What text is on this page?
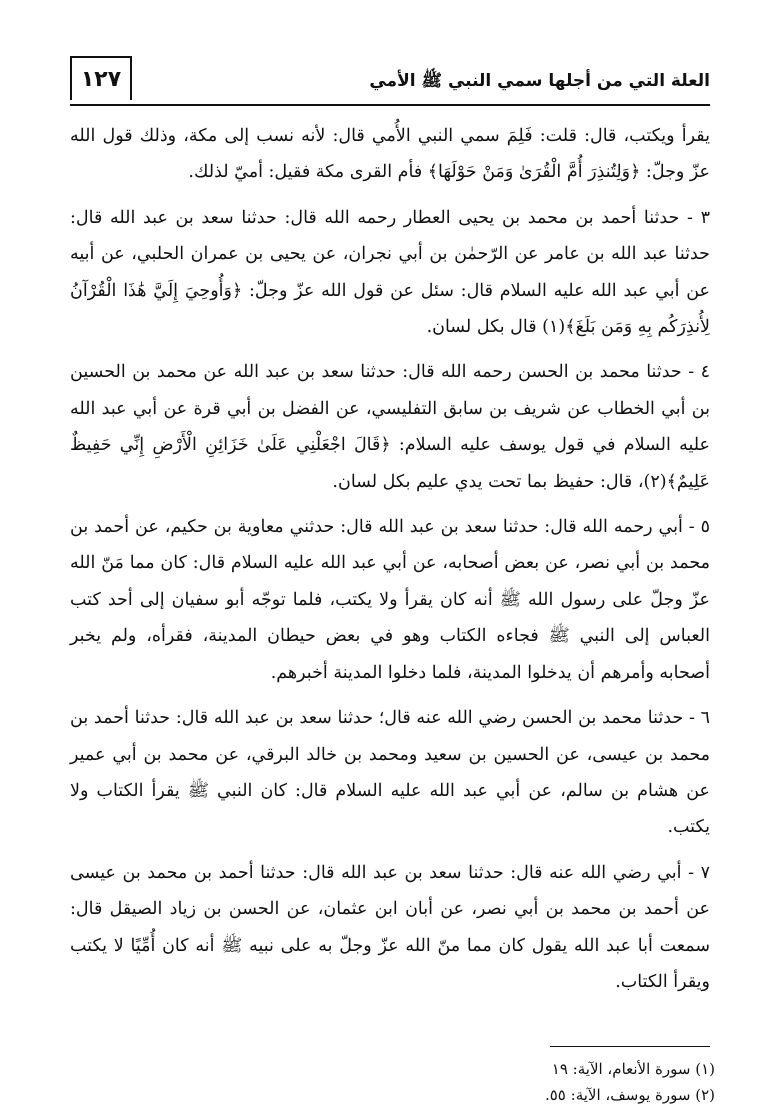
العلة التي من أجلها سمي النبي ﷺ الأمي
١٢٧

يقرأ ويكتب، قال: قلت: فَلِمَ سمي النبي الأُمي قال: لأنه نسب إلى مكة، وذلك قول الله عزّ وجلّ: ﴿وَلِتُنذِرَ أُمَّ الْقُرَىٰ وَمَنْ حَوْلَهَا﴾ فأم القرى مكة فقيل: أميّ لذلك.

٣ - حدثنا أحمد بن محمد بن يحيى العطار رحمه الله قال: حدثنا سعد بن عبد الله قال: حدثنا عبد الله بن عامر عن الرّحمٰن بن أبي نجران، عن يحيى بن عمران الحلبي، عن أبيه عن أبي عبد الله عليه السلام قال: سئل عن قول الله عزّ وجلّ: ﴿وَأُوحِيَ إِلَيَّ هَٰذَا الْقُرْآنُ لِأُنذِرَكُم بِهِ وَمَن بَلَغَ﴾(١) قال بكل لسان.

٤ - حدثنا محمد بن الحسن رحمه الله قال: حدثنا سعد بن عبد الله عن محمد بن الحسين بن أبي الخطاب عن شريف بن سابق التفليسي، عن الفضل بن أبي قرة عن أبي عبد الله عليه السلام في قول يوسف عليه السلام: ﴿قَالَ اجْعَلْنِي عَلَىٰ خَزَائِنِ الْأَرْضِ إِنِّي حَفِيظٌ عَلِيمٌ﴾(٢)، قال: حفيظ بما تحت يدي عليم بكل لسان.

٥ - أبي رحمه الله قال: حدثنا سعد بن عبد الله قال: حدثني معاوية بن حكيم، عن أحمد بن محمد بن أبي نصر، عن بعض أصحابه، عن أبي عبد الله عليه السلام قال: كان مما مَنّ الله عزّ وجلّ على رسول الله ﷺ أنه كان يقرأ ولا يكتب، فلما توجّه أبو سفيان إلى أحد كتب العباس إلى النبي ﷺ فجاءه الكتاب وهو في بعض حيطان المدينة، فقرأه، ولم يخبر أصحابه وأمرهم أن يدخلوا المدينة، فلما دخلوا المدينة أخبرهم.

٦ - حدثنا محمد بن الحسن رضي الله عنه قال؛ حدثنا سعد بن عبد الله قال: حدثنا أحمد بن محمد بن عيسى، عن الحسين بن سعيد ومحمد بن خالد البرقي، عن محمد بن أبي عمير عن هشام بن سالم، عن أبي عبد الله عليه السلام قال: كان النبي ﷺ يقرأ الكتاب ولا يكتب.

٧ - أبي رضي الله عنه قال: حدثنا سعد بن عبد الله قال: حدثنا أحمد بن محمد بن عيسى عن أحمد بن محمد بن أبي نصر، عن أبان ابن عثمان، عن الحسن بن زياد الصيقل قال: سمعت أبا عبد الله يقول كان مما منّ الله عزّ وجلّ به على نبيه ﷺ أنه كان أُمِّيًا لا يكتب ويقرأ الكتاب.

(١) سورة الأنعام، الآية: ١٩

(٢) سورة يوسف، الآية: ٥٥.
